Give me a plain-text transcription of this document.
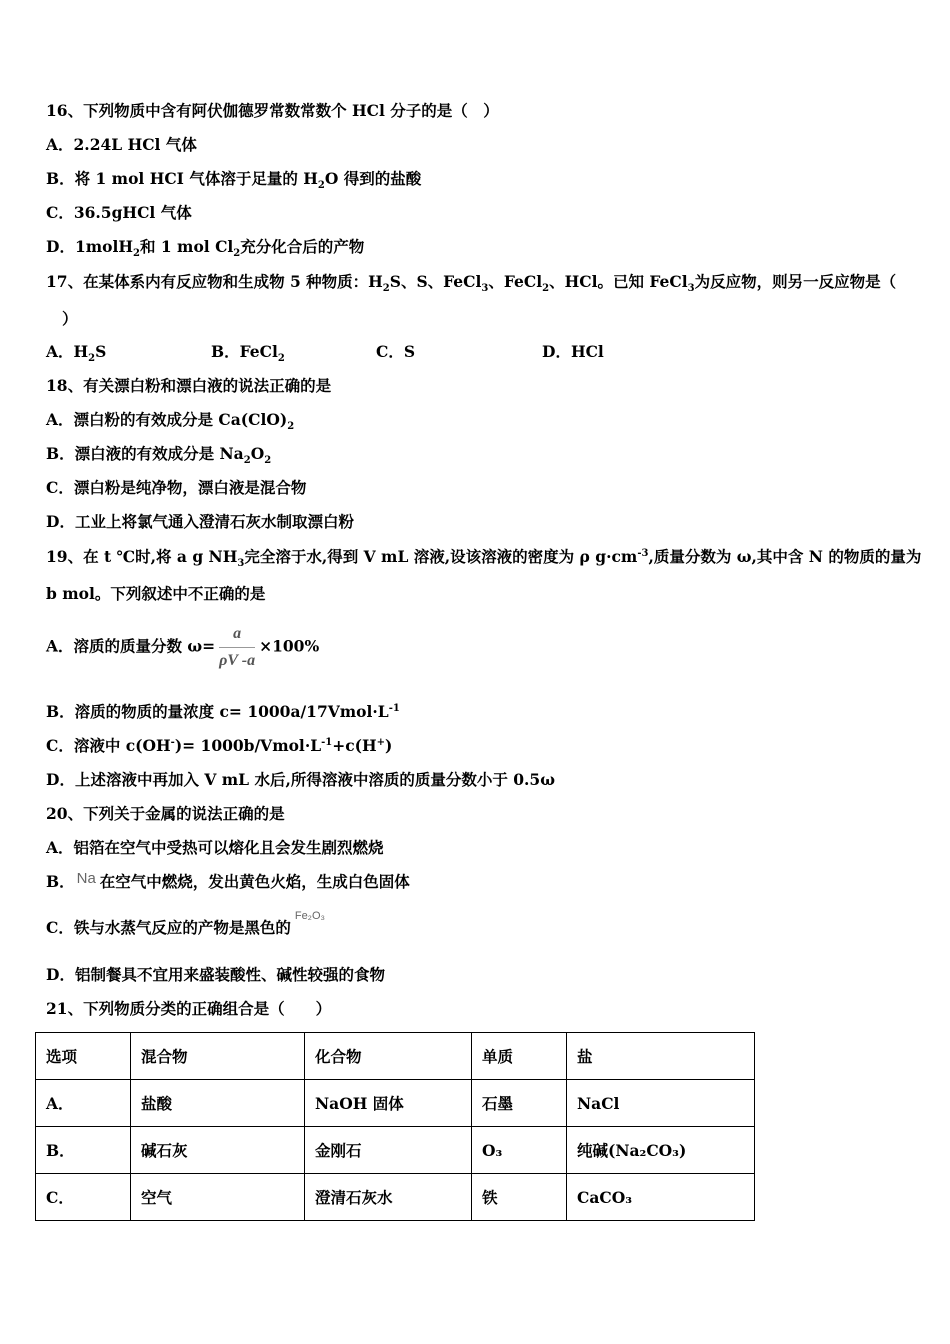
16、下列物质中含有阿伏伽德罗常数常数个 HCl 分子的是（　）
A．2.24L HCl 气体
B．将 1 mol HCI 气体溶于足量的 $H_2O$ 得到的盐酸
C．36.5gHCl 气体
D．1molH$_2$和 1 mol $Cl_2$充分化合后的产物
17、在某体系内有反应物和生成物 5 种物质：$H_2S$、S、FeCl$_3$、FeCl$_2$、HCl。已知 FeCl$_3$为反应物，则另一反应物是（
）
A．$H_2S$	B．FeCl$_2$	C．S	D．HCl
18、有关漂白粉和漂白液的说法正确的是
A．漂白粉的有效成分是 $Ca(ClO)_2$
B．漂白液的有效成分是 $Na_2O_2$
C．漂白粉是纯净物，漂白液是混合物
D．工业上将氯气通入澄清石灰水制取漂白粉
19、在 t ℃时,将 a g $NH_3$完全溶于水,得到 V mL 溶液,设该溶液的密度为 ρ $g\cdot cm^{-3}$,质量分数为 ω,其中含 N 的物质的量为
b mol。下列叙述中不正确的是
A．溶质的质量分数 $\omega= \frac{a}{\rho V -a} \times 100\%$
B．溶质的物质的量浓度 $c= 1000a/17Vmol\cdot L^{-1}$
C．溶液中 $c(OH^-)= 1000b/Vmol\cdot L^{-1}+c(H^+)$
D．上述溶液中再加入 V mL 水后,所得溶液中溶质的质量分数小于 0.5ω
20、下列关于金属的说法正确的是
A．铝箔在空气中受热可以熔化且会发生剧烈燃烧
B． Na 在空气中燃烧，发出黄色火焰，生成白色固体
C．铁与水蒸气反应的产物是黑色的$^{Fe_2O_3}$
D．铝制餐具不宜用来盛装酸性、碱性较强的食物
21、下列物质分类的正确组合是（　　）
选项	混合物	化合物	单质	盐
A．	盐酸	NaOH 固体	石墨	NaCl
B．	碱石灰	金刚石	O₃	纯碱(Na₂CO₃)
C．	空气	澄清石灰水	铁	CaCO₃
